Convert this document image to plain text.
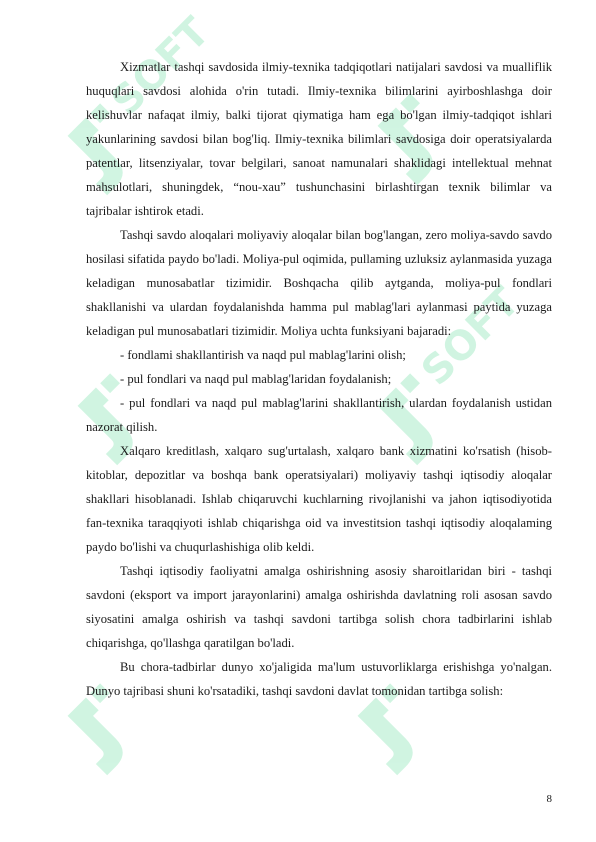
SOFT
SOFT

Xizmatlar tashqi savdosida ilmiy-texnika tadqiqotlari natijalari savdosi va mualliflik huquqlari savdosi alohida o'rin tutadi. Ilmiy-texnika bilimlarini ayirboshlashga doir kelishuvlar nafaqat ilmiy, balki tijorat qiymatiga ham ega bo'lgan ilmiy-tadqiqot ishlari yakunlarining savdosi bilan bog'liq. Ilmiy-texnika bilimlari savdosiga doir operatsiyalarda patentlar, litsenziyalar, tovar belgilari, sanoat namunalari shaklidagi intellektual mehnat mahsulotlari, shuningdek, “nou-xau” tushunchasini birlashtirgan texnik bilimlar va tajribalar ishtirok etadi.

Tashqi savdo aloqalari moliyaviy aloqalar bilan bog'langan, zero moliya-savdo savdo hosilasi sifatida paydo bo'ladi. Moliya-pul oqimida, pullaming uzluksiz aylanmasida yuzaga keladigan munosabatlar tizimidir. Boshqacha qilib aytganda, moliya-pul fondlari shakllanishi va ulardan foydalanishda hamma pul mablag'lari aylanmasi paytida yuzaga keladigan pul munosabatlari tizimidir. Moliya uchta funksiyani bajaradi:

- fondlami shakllantirish va naqd pul mablag'larini olish;

- pul fondlari va naqd pul mablag'laridan foydalanish;

- pul fondlari va naqd pul mablag'larini shakllantirish, ulardan foydalanish ustidan nazorat qilish.

Xalqaro kreditlash, xalqaro sug'urtalash, xalqaro bank xizmatini ko'rsatish (hisob-kitoblar, depozitlar va boshqa bank operatsiyalari) moliyaviy tashqi iqtisodiy aloqalar shakllari hisoblanadi. Ishlab chiqaruvchi kuchlarning rivojlanishi va jahon iqtisodiyotida fan-texnika taraqqiyoti ishlab chiqarishga oid va investitsion tashqi iqtisodiy aloqalaming paydo bo'lishi va chuqurlashishiga olib keldi.

Tashqi iqtisodiy faoliyatni amalga oshirishning asosiy sharoitlaridan biri - tashqi savdoni (eksport va import jarayonlarini) amalga oshirishda davlatning roli asosan savdo siyosatini amalga oshirish va tashqi savdoni tartibga solish chora tadbirlarini ishlab chiqarishga, qo'llashga qaratilgan bo'ladi.

Bu chora-tadbirlar dunyo xo'jaligida ma'lum ustuvorliklarga erishishga yo'nalgan. Dunyo tajribasi shuni ko'rsatadiki, tashqi savdoni davlat tomonidan tartibga solish:

8
